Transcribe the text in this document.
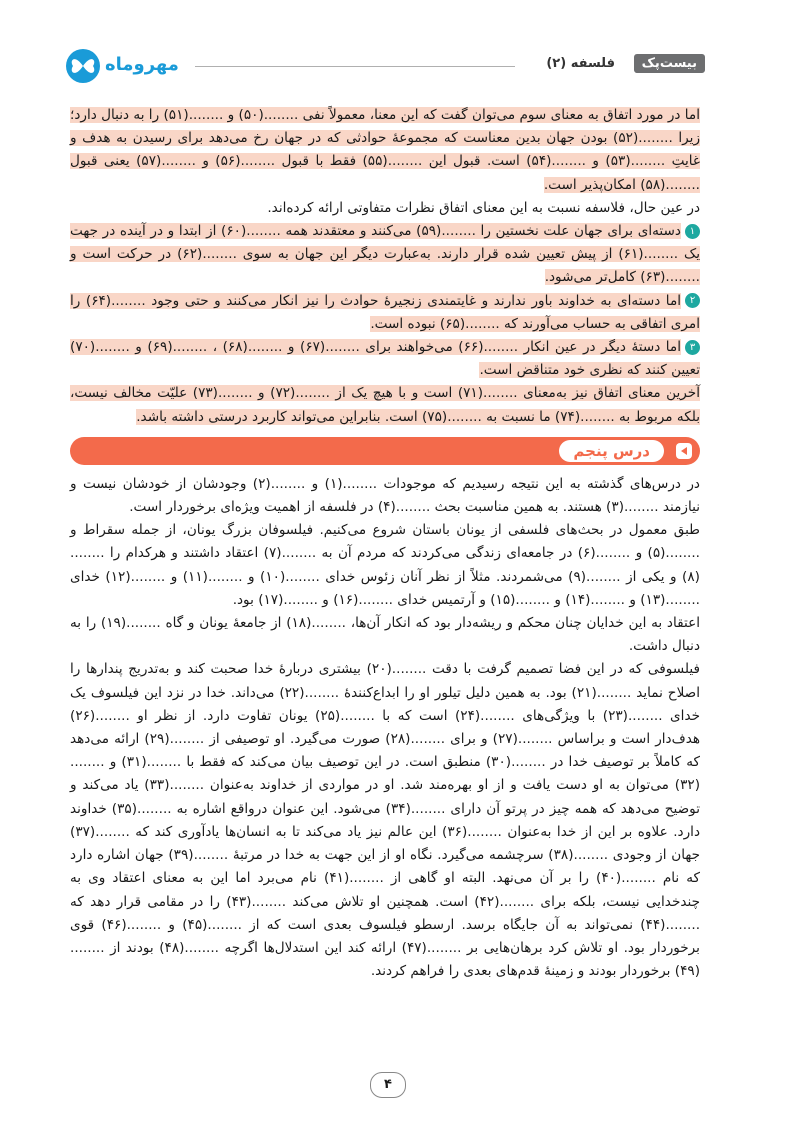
مهروماه	فلسفه (۲)	بیست‌پک

اما در مورد اتفاق به معنای سوم می‌توان گفت که این معنا، معمولاً نفی ........(۵۰) و ........(۵۱) را به دنبال دارد؛ زیرا ........(۵۲) بودن جهان بدین معناست که مجموعهٔ حوادثی که در جهان رخ می‌دهد برای رسیدن به هدف و غایتِ ........(۵۳) و ........(۵۴) است. قبول این ........(۵۵) فقط با قبول ........(۵۶) و ........(۵۷) یعنی قبول ........(۵۸) امکان‌پذیر است.

در عین حال، فلاسفه نسبت به این معنای اتفاق نظرات متفاوتی ارائه کرده‌اند.

۱دسته‌ای برای جهان علت نخستین را ........(۵۹) می‌کنند و معتقدند همه ........(۶۰) از ابتدا و در آینده در جهت یک ........(۶۱) از پیش تعیین شده قرار دارند. به‌عبارت دیگر این جهان به سوی ........(۶۲) در حرکت است و ........(۶۳) کامل‌تر می‌شود.

۲اما دسته‌ای به خداوند باور ندارند و غایتمندی زنجیرهٔ حوادث را نیز انکار می‌کنند و حتی وجود ........(۶۴) را امری اتفاقی به حساب می‌آورند که ........(۶۵) نبوده است.

۳اما دستهٔ دیگر در عین انکار ........(۶۶) می‌خواهند برای ........(۶۷) و ........(۶۸) ، ........(۶۹) و ........(۷۰) تعیین کنند که نظری خود متناقض است.

آخرین معنای اتفاق نیز به‌معنای ........(۷۱) است و با هیچ یک از ........(۷۲) و ........(۷۳) علیّت مخالف نیست، بلکه مربوط به ........(۷۴) ما نسبت به ........(۷۵) است. بنابراین می‌تواند کاربرد درستی داشته باشد.

درس پنجم

در درس‌های گذشته به این نتیجه رسیدیم که موجودات ........(۱) و ........(۲) وجودشان از خودشان نیست و نیازمند ........(۳) هستند. به همین مناسبت بحث ........(۴) در فلسفه از اهمیت ویژه‌ای برخوردار است.

طبق معمول در بحث‌های فلسفی از یونان باستان شروع می‌کنیم. فیلسوفان بزرگ یونان، از جمله سقراط و ........(۵) و ........(۶) در جامعه‌ای زندگی می‌کردند که مردم آن به ........(۷) اعتقاد داشتند و هرکدام را ........(۸) و یکی از ........(۹) می‌شمردند. مثلاً از نظر آنان زئوس خدای ........(۱۰) و ........(۱۱) و ........(۱۲) خدای ........(۱۳) و ........(۱۴) و ........(۱۵) و آرتمیس خدای ........(۱۶) و ........(۱۷) بود.

اعتقاد به این خدایان چنان محکم و ریشه‌دار بود که انکار آن‌ها، ........(۱۸) از جامعهٔ یونان و گاه ........(۱۹) را به دنبال داشت.

فیلسوفی که در این فضا تصمیم گرفت با دقت ........(۲۰) بیشتری دربارهٔ خدا صحبت کند و به‌تدریج پندارها را اصلاح نماید ........(۲۱) بود. به همین دلیل تیلور او را ابداع‌کنندهٔ ........(۲۲) می‌داند. خدا در نزد این فیلسوف یک خدای ........(۲۳) با ویژگی‌های ........(۲۴) است که با ........(۲۵) یونان تفاوت دارد. از نظر او ........(۲۶) هدف‌دار است و براساس ........(۲۷) و برای ........(۲۸) صورت می‌گیرد. او توصیفی از ........(۲۹) ارائه می‌دهد که کاملاً بر توصیف خدا در ........(۳۰) منطبق است. در این توصیف بیان می‌کند که فقط با ........(۳۱) و ........(۳۲) می‌توان به او دست یافت و از او بهره‌مند شد. او در مواردی از خداوند به‌عنوان ........(۳۳) یاد می‌کند و توضیح می‌دهد که همه چیز در پرتو آن دارای ........(۳۴) می‌شود. این عنوان درواقع اشاره به ........(۳۵) خداوند دارد. علاوه بر این از خدا به‌عنوان ........(۳۶) این عالم نیز یاد می‌کند تا به انسان‌ها یادآوری کند که ........(۳۷) جهان از وجودی ........(۳۸) سرچشمه می‌گیرد. نگاه او از این جهت به خدا در مرتبهٔ ........(۳۹) جهان اشاره دارد که نام ........(۴۰) را بر آن می‌نهد. البته او گاهی از ........(۴۱) نام می‌برد اما این به معنای اعتقاد وی به چندخدایی نیست، بلکه برای ........(۴۲) است. همچنین او تلاش می‌کند ........(۴۳) را در مقامی قرار دهد که ........(۴۴) نمی‌تواند به آن جایگاه برسد. ارسطو فیلسوف بعدی است که از ........(۴۵) و ........(۴۶) قوی برخوردار بود. او تلاش کرد برهان‌هایی بر ........(۴۷) ارائه کند این استدلال‌ها اگرچه ........(۴۸) بودند از ........(۴۹) برخوردار بودند و زمینهٔ قدم‌های بعدی را فراهم کردند.

۴
